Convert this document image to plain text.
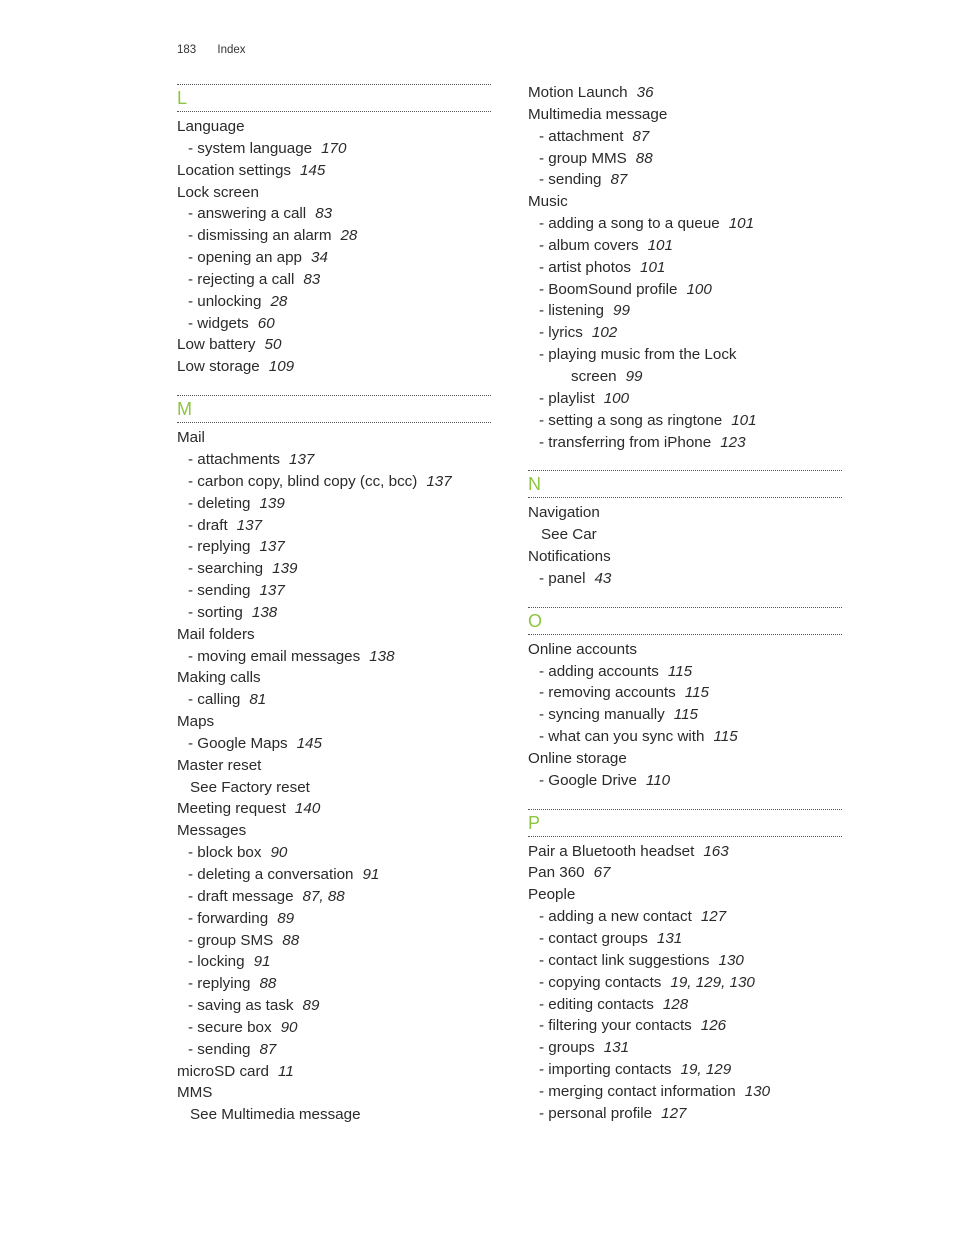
183 Index
L
Language
- system language 170
Location settings 145
Lock screen
- answering a call 83
- dismissing an alarm 28
- opening an app 34
- rejecting a call 83
- unlocking 28
- widgets 60
Low battery 50
Low storage 109
M
Mail
- attachments 137
- carbon copy, blind copy (cc, bcc) 137
- deleting 139
- draft 137
- replying 137
- searching 139
- sending 137
- sorting 138
Mail folders
- moving email messages 138
Making calls
- calling 81
Maps
- Google Maps 145
Master reset
See Factory reset
Meeting request 140
Messages
- block box 90
- deleting a conversation 91
- draft message 87, 88
- forwarding 89
- group SMS 88
- locking 91
- replying 88
- saving as task 89
- secure box 90
- sending 87
microSD card 11
MMS
See Multimedia message
Motion Launch 36
Multimedia message
- attachment 87
- group MMS 88
- sending 87
Music
- adding a song to a queue 101
- album covers 101
- artist photos 101
- BoomSound profile 100
- listening 99
- lyrics 102
- playing music from the Lock
screen 99
- playlist 100
- setting a song as ringtone 101
- transferring from iPhone 123
N
Navigation
See Car
Notifications
- panel 43
O
Online accounts
- adding accounts 115
- removing accounts 115
- syncing manually 115
- what can you sync with 115
Online storage
- Google Drive 110
P
Pair a Bluetooth headset 163
Pan 360 67
People
- adding a new contact 127
- contact groups 131
- contact link suggestions 130
- copying contacts 19, 129, 130
- editing contacts 128
- filtering your contacts 126
- groups 131
- importing contacts 19, 129
- merging contact information 130
- personal profile 127
